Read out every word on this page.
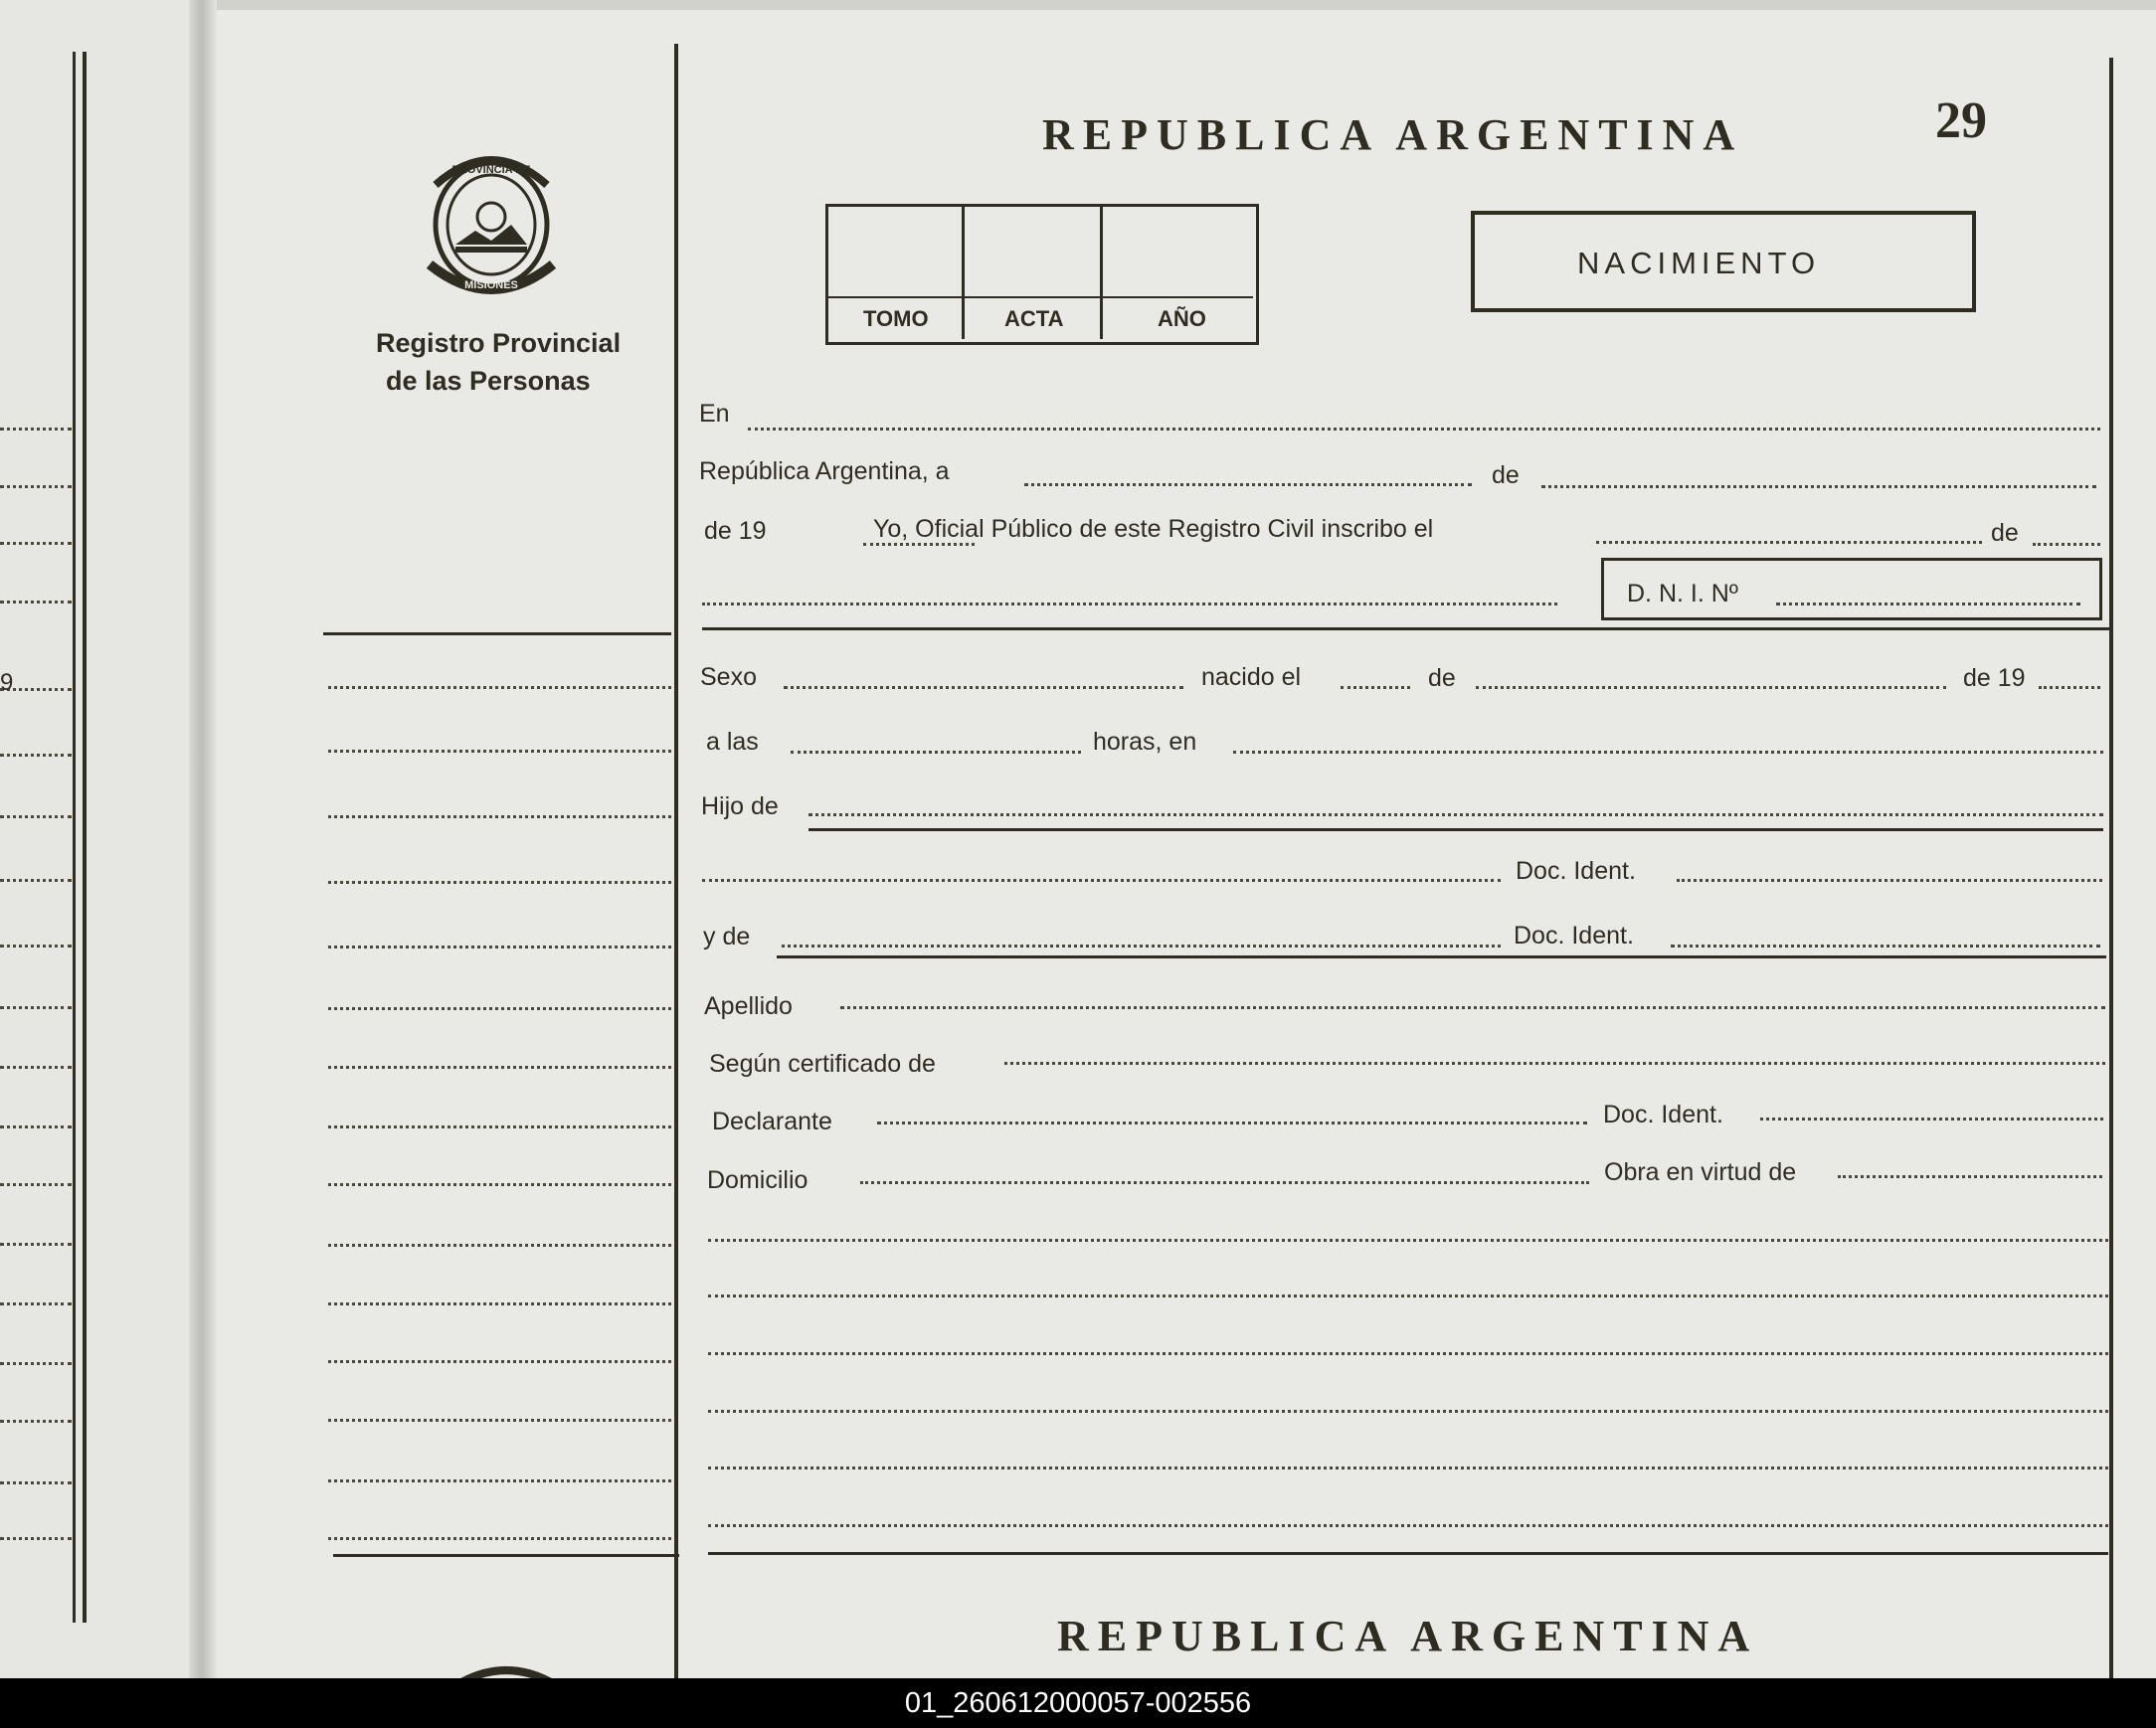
9
REPUBLICA ARGENTINA	29
PROVINCIA DE
MISIONES
Registro Provincial
de las Personas
TOMO	ACTA	AÑO
NACIMIENTO
En
República Argentina, a	de
de 19	Yo, Oficial Público de este Registro Civil inscribo el	de
D. N. I. Nº
Sexo	nacido el	de	de 19
a las	horas, en
Hijo de
Doc. Ident.
y de	Doc. Ident.
Apellido
Según certificado de
Declarante	Doc. Ident.
Domicilio	Obra en virtud de
REPUBLICA ARGENTINA
01_260612000057-002556
